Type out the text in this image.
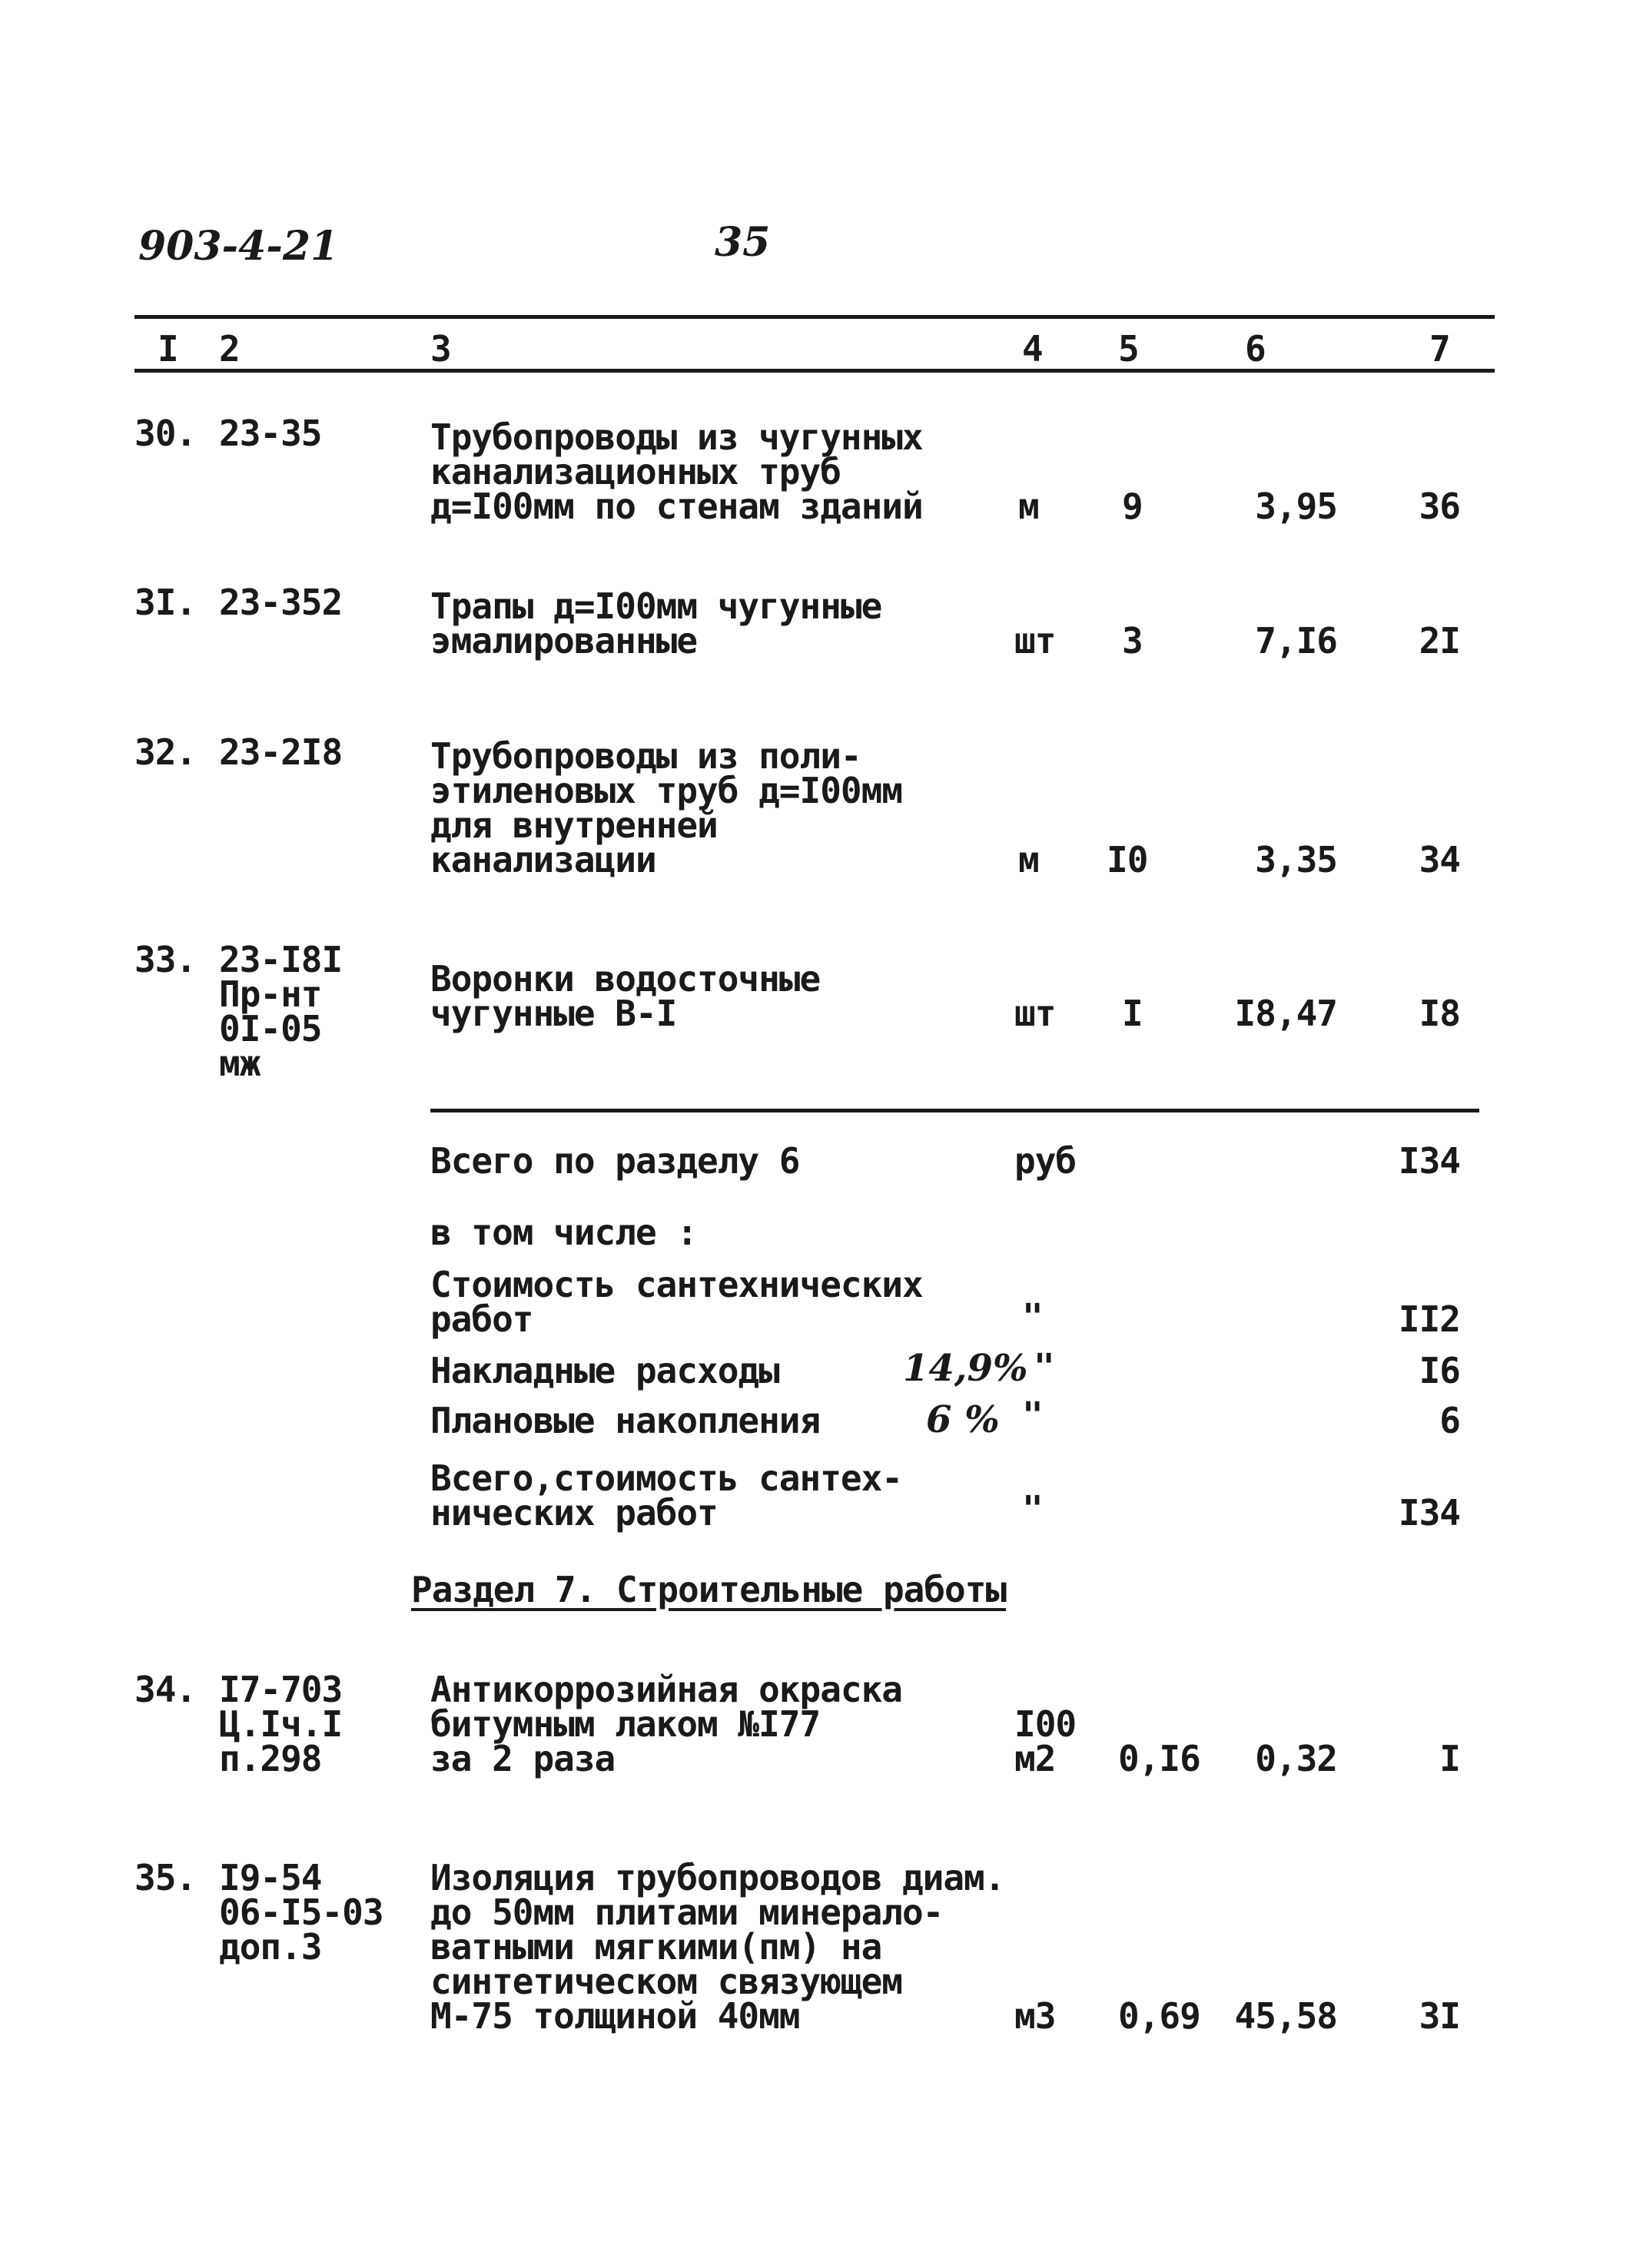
903-4-21	35
I 2	3	4 5	6	7
30. 23-35	Трубопроводы из чугунных
канализационных труб
д=I00мм по стенам зданий	м 9	3,95	36
3I. 23-352 Трапы д=I00мм чугунные
эмалированные	шт 3	7,I6	2I
32. 23-2I8 Трубопроводы из поли-
этиленовых труб д=I00мм
для внутренней
канализации	м I0	3,35	34
33. 23-I8I
Пр-нт
0I-05
мж
Воронки водосточные
чугунные В-I	шт I	I8,47	I8
Всего по разделу 6	руб	I34
в том числе :
Стоимость сантехнических
работ	"	II2
Накладные расходы	14,9% "	I6
Плановые накопления	6 % "	6
Всего,стоимость сантех-
нических работ	"	I34
Раздел 7. Строительные работы
34. I7-703
Ц.Iч.I
п.298
Антикоррозийная окраска
битумным лаком №I77
за 2 раза
I00
м2 0,I6	0,32	I
35. I9-54
06-I5-03
доп.3
Изоляция трубопроводов диам.
до 50мм плитами минерало-
ватными мягкими(пм) на
синтетическом связующем
М-75 толщиной 40мм	м3 0,69 45,58	3I
